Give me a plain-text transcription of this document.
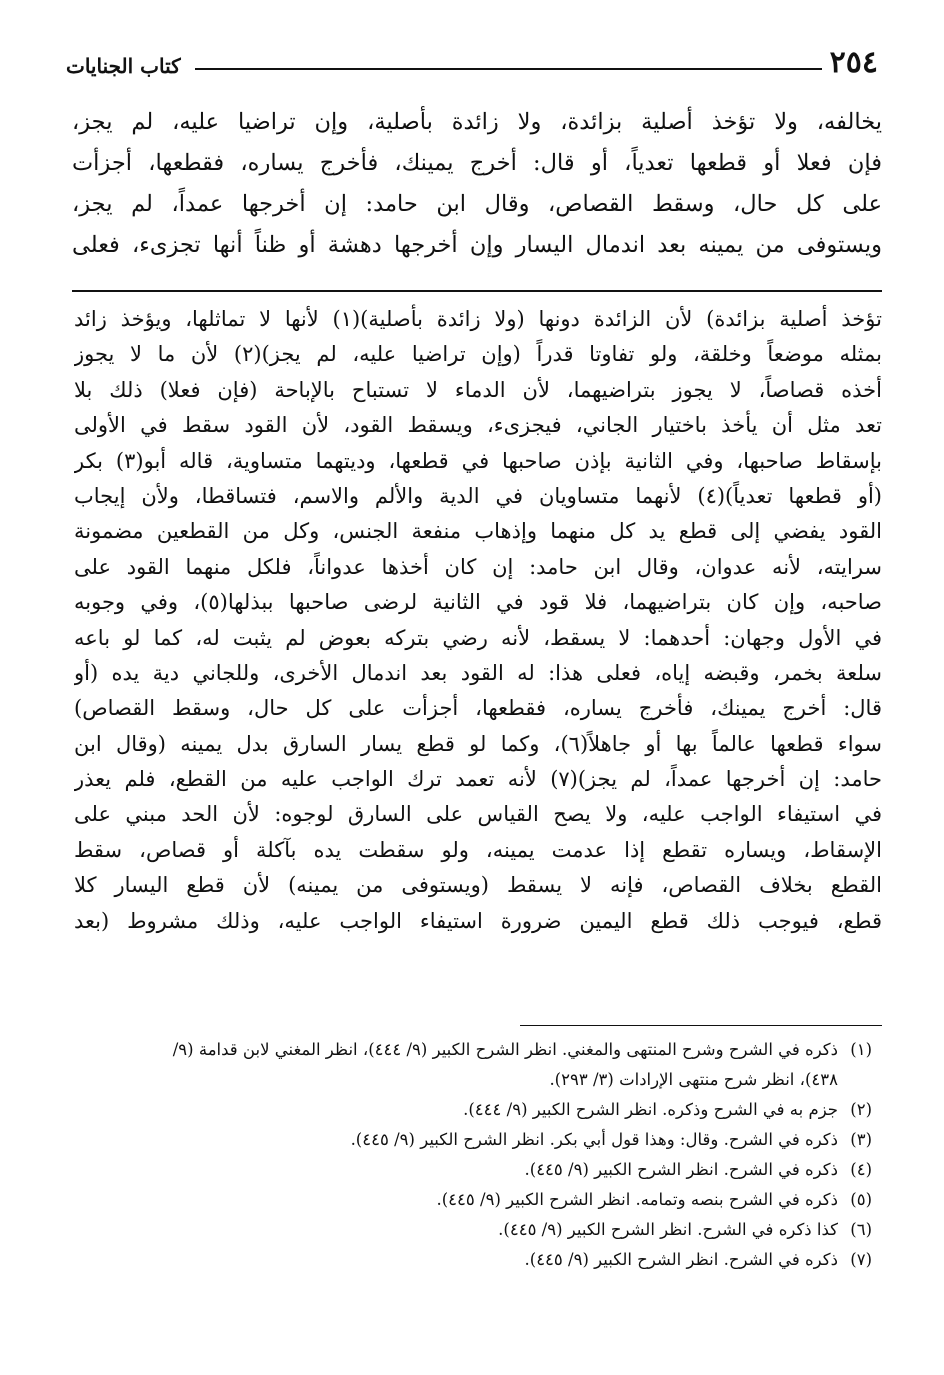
٢٥٤
كتاب الجنايات

يخالفه، ولا تؤخذ أصلية بزائدة، ولا زائدة بأصلية، وإن تراضيا عليه، لم يجز،

فإن فعلا أو قطعها تعدياً، أو قال: أخرج يمينك، فأخرج يساره، فقطعها، أجزأت

على كل حال، وسقط القصاص، وقال ابن حامد: إن أخرجها عمداً، لم يجز،

ويستوفى من يمينه بعد اندمال اليسار وإن أخرجها دهشة أو ظناً أنها تجزىء، فعلى

تؤخذ أصلية بزائدة) لأن الزائدة دونها (ولا زائدة بأصلية)(١) لأنها لا تماثلها، ويؤخذ زائد

بمثله موضعاً وخلقة، ولو تفاوتا قدراً (وإن تراضيا عليه، لم يجز)(٢) لأن ما لا يجوز

أخذه قصاصاً، لا يجوز بتراضيهما، لأن الدماء لا تستباح بالإباحة (فإن فعلا) ذلك بلا

تعد مثل أن يأخذ باختيار الجاني، فيجزىء، ويسقط القود، لأن القود سقط في الأولى

بإسقاط صاحبها، وفي الثانية بإذن صاحبها في قطعها، وديتهما متساوية، قاله أبو(٣) بكر

(أو قطعها تعدياً)(٤) لأنهما متساويان في الدية والألم والاسم، فتساقطا، ولأن إيجاب

القود يفضي إلى قطع يد كل منهما وإذهاب منفعة الجنس، وكل من القطعين مضمونة

سرايته، لأنه عدوان، وقال ابن حامد: إن كان أخذها عدواناً، فلكل منهما القود على

صاحبه، وإن كان بتراضيهما، فلا قود في الثانية لرضى صاحبها ببذلها(٥)، وفي وجوبه

في الأول وجهان: أحدهما: لا يسقط، لأنه رضي بتركه بعوض لم يثبت له، كما لو باعه

سلعة بخمر، وقبضه إياه، فعلى هذا: له القود بعد اندمال الأخرى، وللجاني دية يده (أو

قال: أخرج يمينك، فأخرج يساره، فقطعها، أجزأت على كل حال، وسقط القصاص)

سواء قطعها عالماً بها أو جاهلاً(٦)، وكما لو قطع يسار السارق بدل يمينه (وقال ابن

حامد: إن أخرجها عمداً، لم يجز)(٧) لأنه تعمد ترك الواجب عليه من القطع، فلم يعذر

في استيفاء الواجب عليه، ولا يصح القياس على السارق لوجوه: لأن الحد مبني على

الإسقاط، ويساره تقطع إذا عدمت يمينه، ولو سقطت يده بآكلة أو قصاص، سقط

القطع بخلاف القصاص، فإنه لا يسقط (ويستوفى من يمينه) لأن قطع اليسار كلا

قطع، فيوجب ذلك قطع اليمين ضرورة استيفاء الواجب عليه، وذلك مشروط (بعد

(١)
ذكره في الشرح وشرح المنتهى والمغني. انظر الشرح الكبير (٩/ ٤٤٤)، انظر المغني لابن قدامة (٩/
٤٣٨)، انظر شرح منتهى الإرادات (٣/ ٢٩٣).
(٢)
جزم به في الشرح وذكره. انظر الشرح الكبير (٩/ ٤٤٤).
(٣)
ذكره في الشرح. وقال: وهذا قول أبي بكر. انظر الشرح الكبير (٩/ ٤٤٥).
(٤)
ذكره في الشرح. انظر الشرح الكبير (٩/ ٤٤٥).
(٥)
ذكره في الشرح بنصه وتمامه. انظر الشرح الكبير (٩/ ٤٤٥).
(٦)
كذا ذكره في الشرح. انظر الشرح الكبير (٩/ ٤٤٥).
(٧)
ذكره في الشرح. انظر الشرح الكبير (٩/ ٤٤٥).
